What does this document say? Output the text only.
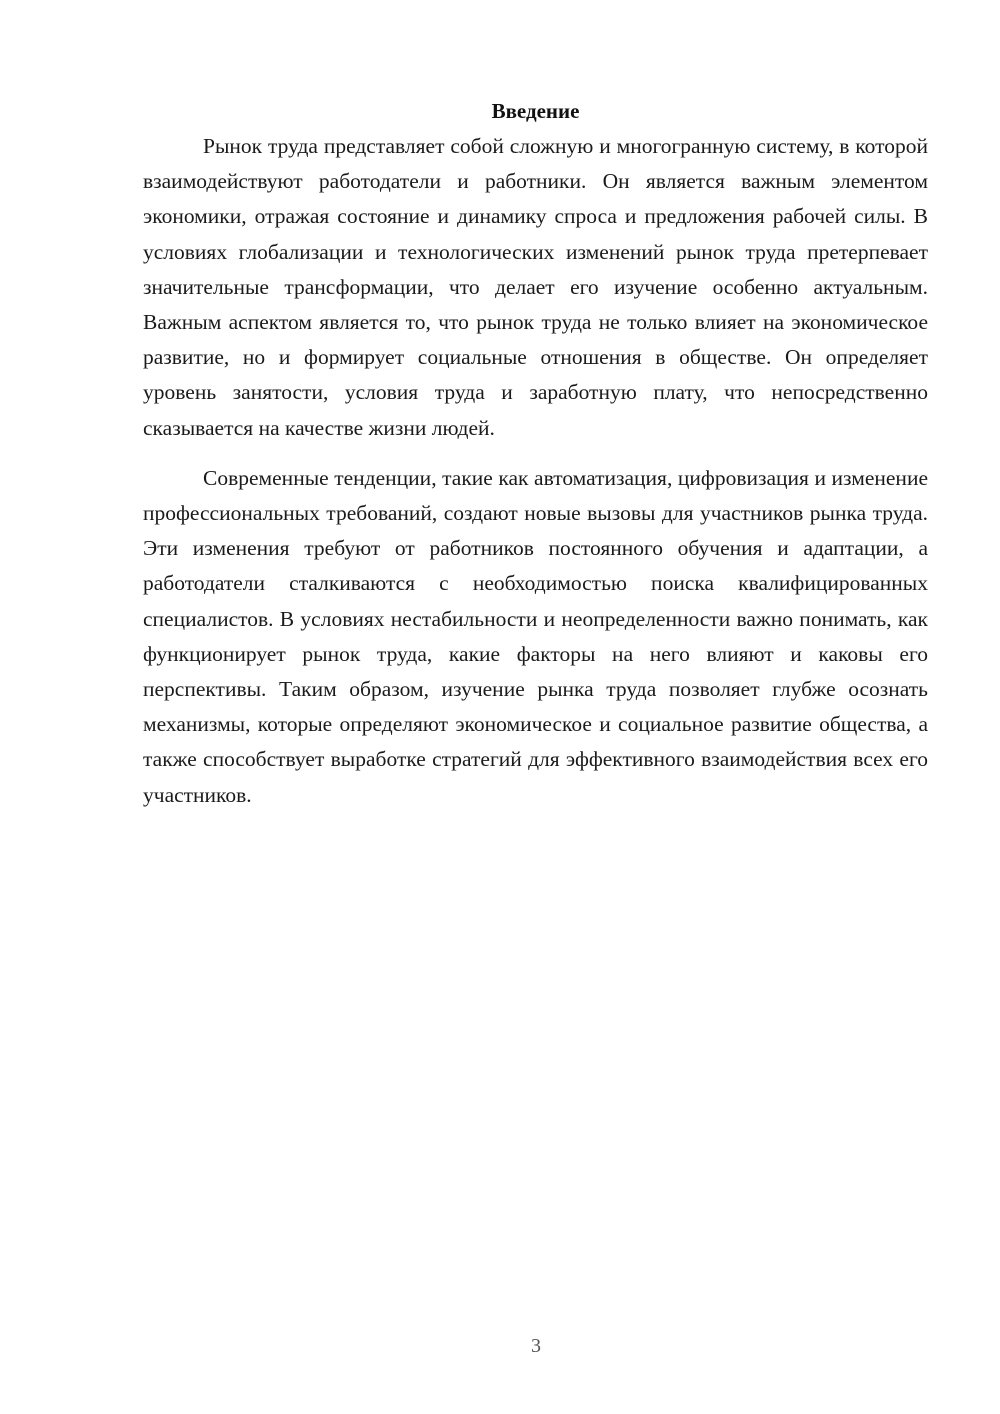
Введение

Рынок труда представляет собой сложную и многогранную систему, в которой взаимодействуют работодатели и работники. Он является важным элементом экономики, отражая состояние и динамику спроса и предложения рабочей силы. В условиях глобализации и технологических изменений рынок труда претерпевает значительные трансформации, что делает его изучение особенно актуальным. Важным аспектом является то, что рынок труда не только влияет на экономическое развитие, но и формирует социальные отношения в обществе. Он определяет уровень занятости, условия труда и заработную плату, что непосредственно сказывается на качестве жизни людей.

Современные тенденции, такие как автоматизация, цифровизация и изменение профессиональных требований, создают новые вызовы для участников рынка труда. Эти изменения требуют от работников постоянного обучения и адаптации, а работодатели сталкиваются с необходимостью поиска квалифицированных специалистов. В условиях нестабильности и неопределенности важно понимать, как функционирует рынок труда, какие факторы на него влияют и каковы его перспективы. Таким образом, изучение рынка труда позволяет глубже осознать механизмы, которые определяют экономическое и социальное развитие общества, а также способствует выработке стратегий для эффективного взаимодействия всех его участников.

3
